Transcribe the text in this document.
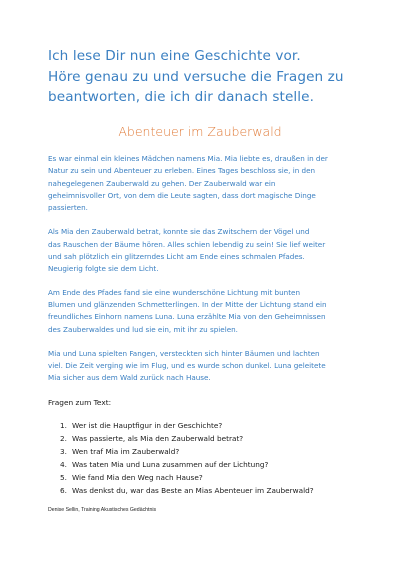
Ich lese Dir nun eine Geschichte vor.
Höre genau zu und versuche die Fragen zu
beantworten, die ich dir danach stelle.
Abenteuer im Zauberwald

Es war einmal ein kleines Mädchen namens Mia. Mia liebte es, draußen in der
Natur zu sein und Abenteuer zu erleben. Eines Tages beschloss sie, in den
nahegelegenen Zauberwald zu gehen. Der Zauberwald war ein
geheimnisvoller Ort, von dem die Leute sagten, dass dort magische Dinge
passierten.

Als Mia den Zauberwald betrat, konnte sie das Zwitschern der Vögel und
das Rauschen der Bäume hören. Alles schien lebendig zu sein! Sie lief weiter
und sah plötzlich ein glitzerndes Licht am Ende eines schmalen Pfades.
Neugierig folgte sie dem Licht.

Am Ende des Pfades fand sie eine wunderschöne Lichtung mit bunten
Blumen und glänzenden Schmetterlingen. In der Mitte der Lichtung stand ein
freundliches Einhorn namens Luna. Luna erzählte Mia von den Geheimnissen
des Zauberwaldes und lud sie ein, mit ihr zu spielen.

Mia und Luna spielten Fangen, versteckten sich hinter Bäumen und lachten
viel. Die Zeit verging wie im Flug, und es wurde schon dunkel. Luna geleitete
Mia sicher aus dem Wald zurück nach Hause.

Fragen zum Text:
1. Wer ist die Hauptfigur in der Geschichte?
2. Was passierte, als Mia den Zauberwald betrat?
3. Wen traf Mia im Zauberwald?
4. Was taten Mia und Luna zusammen auf der Lichtung?
5. Wie fand Mia den Weg nach Hause?
6. Was denkst du, war das Beste an Mias Abenteuer im Zauberwald?
Denise Sellin, Training Akustisches Gedächtnis
